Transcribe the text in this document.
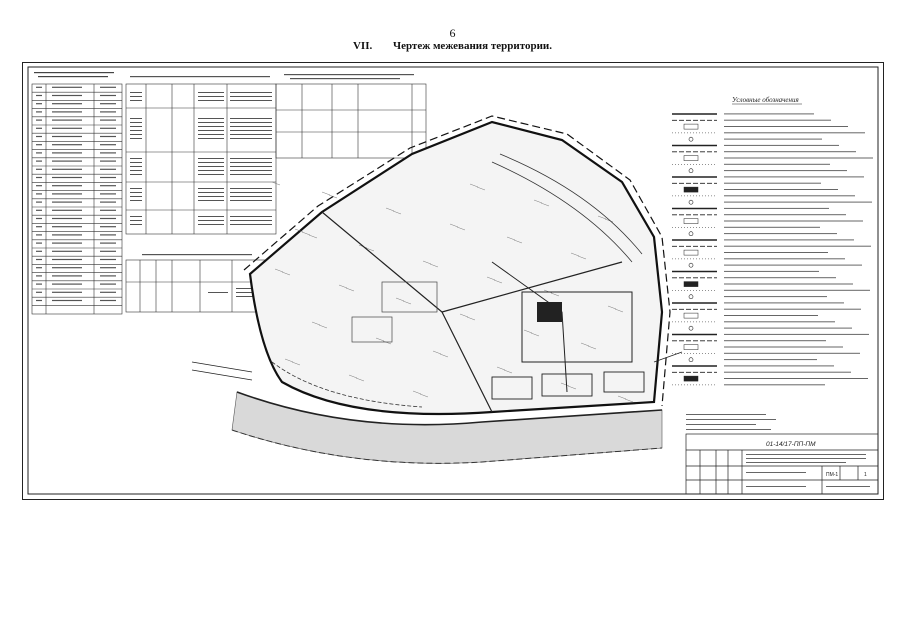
6
VII. Чертеж межевания территории.
Условные обозначения
01-14/17-ПП-ПМ
ПМ-1	1
